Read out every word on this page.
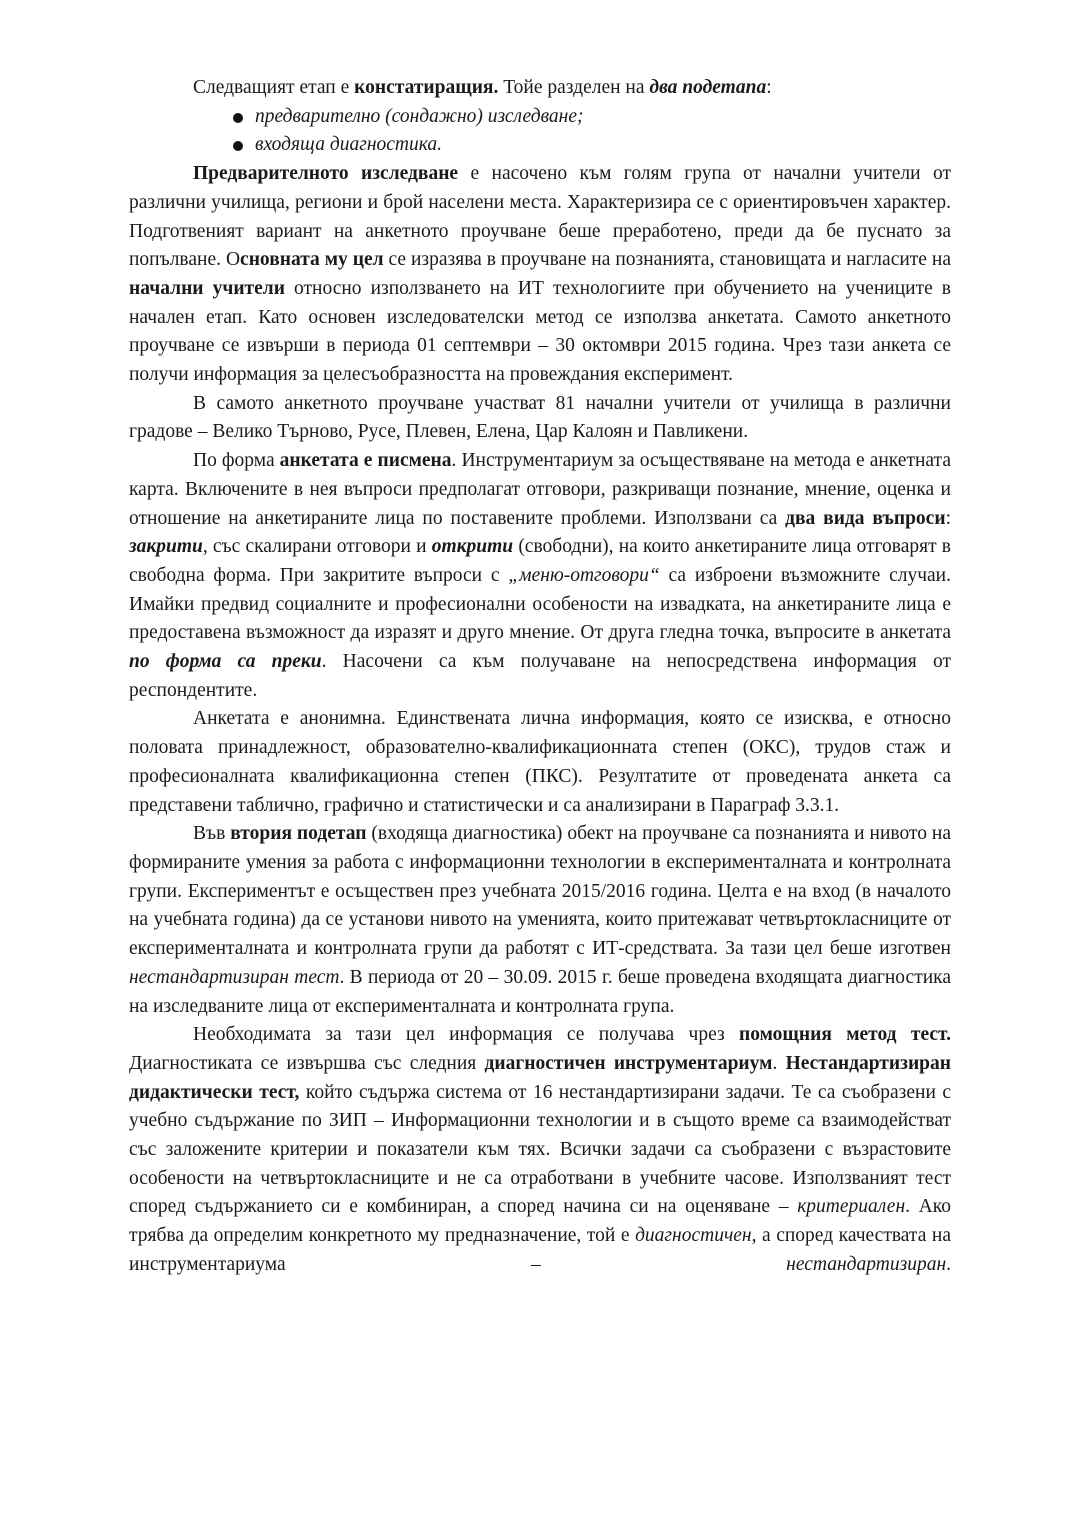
Следващият етап е констатиращия. Тойе разделен на два подетапа:

предварително (сондажно) изследване;
входяща диагностика.

Предварителното изследване е насочено към голям група от начални учители от различни училища, региони и брой населени места. Характеризира се с ориентировъчен характер. Подготвеният вариант на анкетното проучване беше преработено, преди да бе пуснато за попълване. Основната му цел се изразява в проучване на познанията, становищата и нагласите на начални учители относно използването на ИТ технологиите при обучението на учениците в начален етап. Като основен изследователски метод се използва анкетата. Самото анкетното проучване се извърши в периода 01 септември – 30 октомври 2015 година. Чрез тази анкета се получи информация за целесъобразността на провеждания експеримент.

В самото анкетното проучване участват 81 начални учители от училища в различни градове – Велико Търново, Русе, Плевен, Елена, Цар Калоян и Павликени.

По форма анкетата е писмена. Инструментариум за осъществяване на метода е анкетната карта. Включените в нея въпроси предполагат отговори, разкриващи познание, мнение, оценка и отношение на анкетираните лица по поставените проблеми. Използвани са два вида въпроси: закрити, със скалирани отговори и открити (свободни), на които анкетираните лица отговарят в свободна форма. При закритите въпроси с „меню-отговори“ са изброени възможните случаи. Имайки предвид социалните и професионални особености на извадката, на анкетираните лица е предоставена възможност да изразят и друго мнение. От друга гледна точка, въпросите в анкетата по форма са преки. Насочени са към получаване на непосредствена информация от респондентите.

Анкетата е анонимна. Единствената лична информация, която се изисква, е относно половата принадлежност, образователно-квалификационната степен (ОКС), трудов стаж и професионалната квалификационна степен (ПКС). Резултатите от проведената анкета са представени таблично, графично и статистически и са анализирани в Параграф 3.3.1.

Във втория подетап (входяща диагностика) обект на проучване са познанията и нивото на формираните умения за работа с информационни технологии в експерименталната и контролната групи. Експериментът е осъществен през учебната 2015/2016 година. Целта е на вход (в началото на учебната година) да се установи нивото на уменията, които притежават четвъртокласниците от експерименталната и контролната групи да работят с ИТ-средствата. За тази цел беше изготвен нестандартизиран тест. В периода от 20 – 30.09. 2015 г. беше проведена входящата диагностика на изследваните лица от експерименталната и контролната група.

Необходимата за тази цел информация се получава чрез помощния метод тест. Диагностиката се извършва със следния диагностичен инструментариум. Нестандартизиран дидактически тест, който съдържа система от 16 нестандартизирани задачи. Те са съобразени с учебно съдържание по ЗИП – Информационни технологии и в същото време са взаимодействат със заложените критерии и показатели към тях. Всички задачи са съобразени с възрастовите особености на четвъртокласниците и не са отработвани в учебните часове. Използваният тест според съдържанието си е комбиниран, а според начина си на оценяване – критериален. Ако трябва да определим конкретното му предназначение, той е диагностичен, а според качествата на инструментариума – нестандартизиран.
